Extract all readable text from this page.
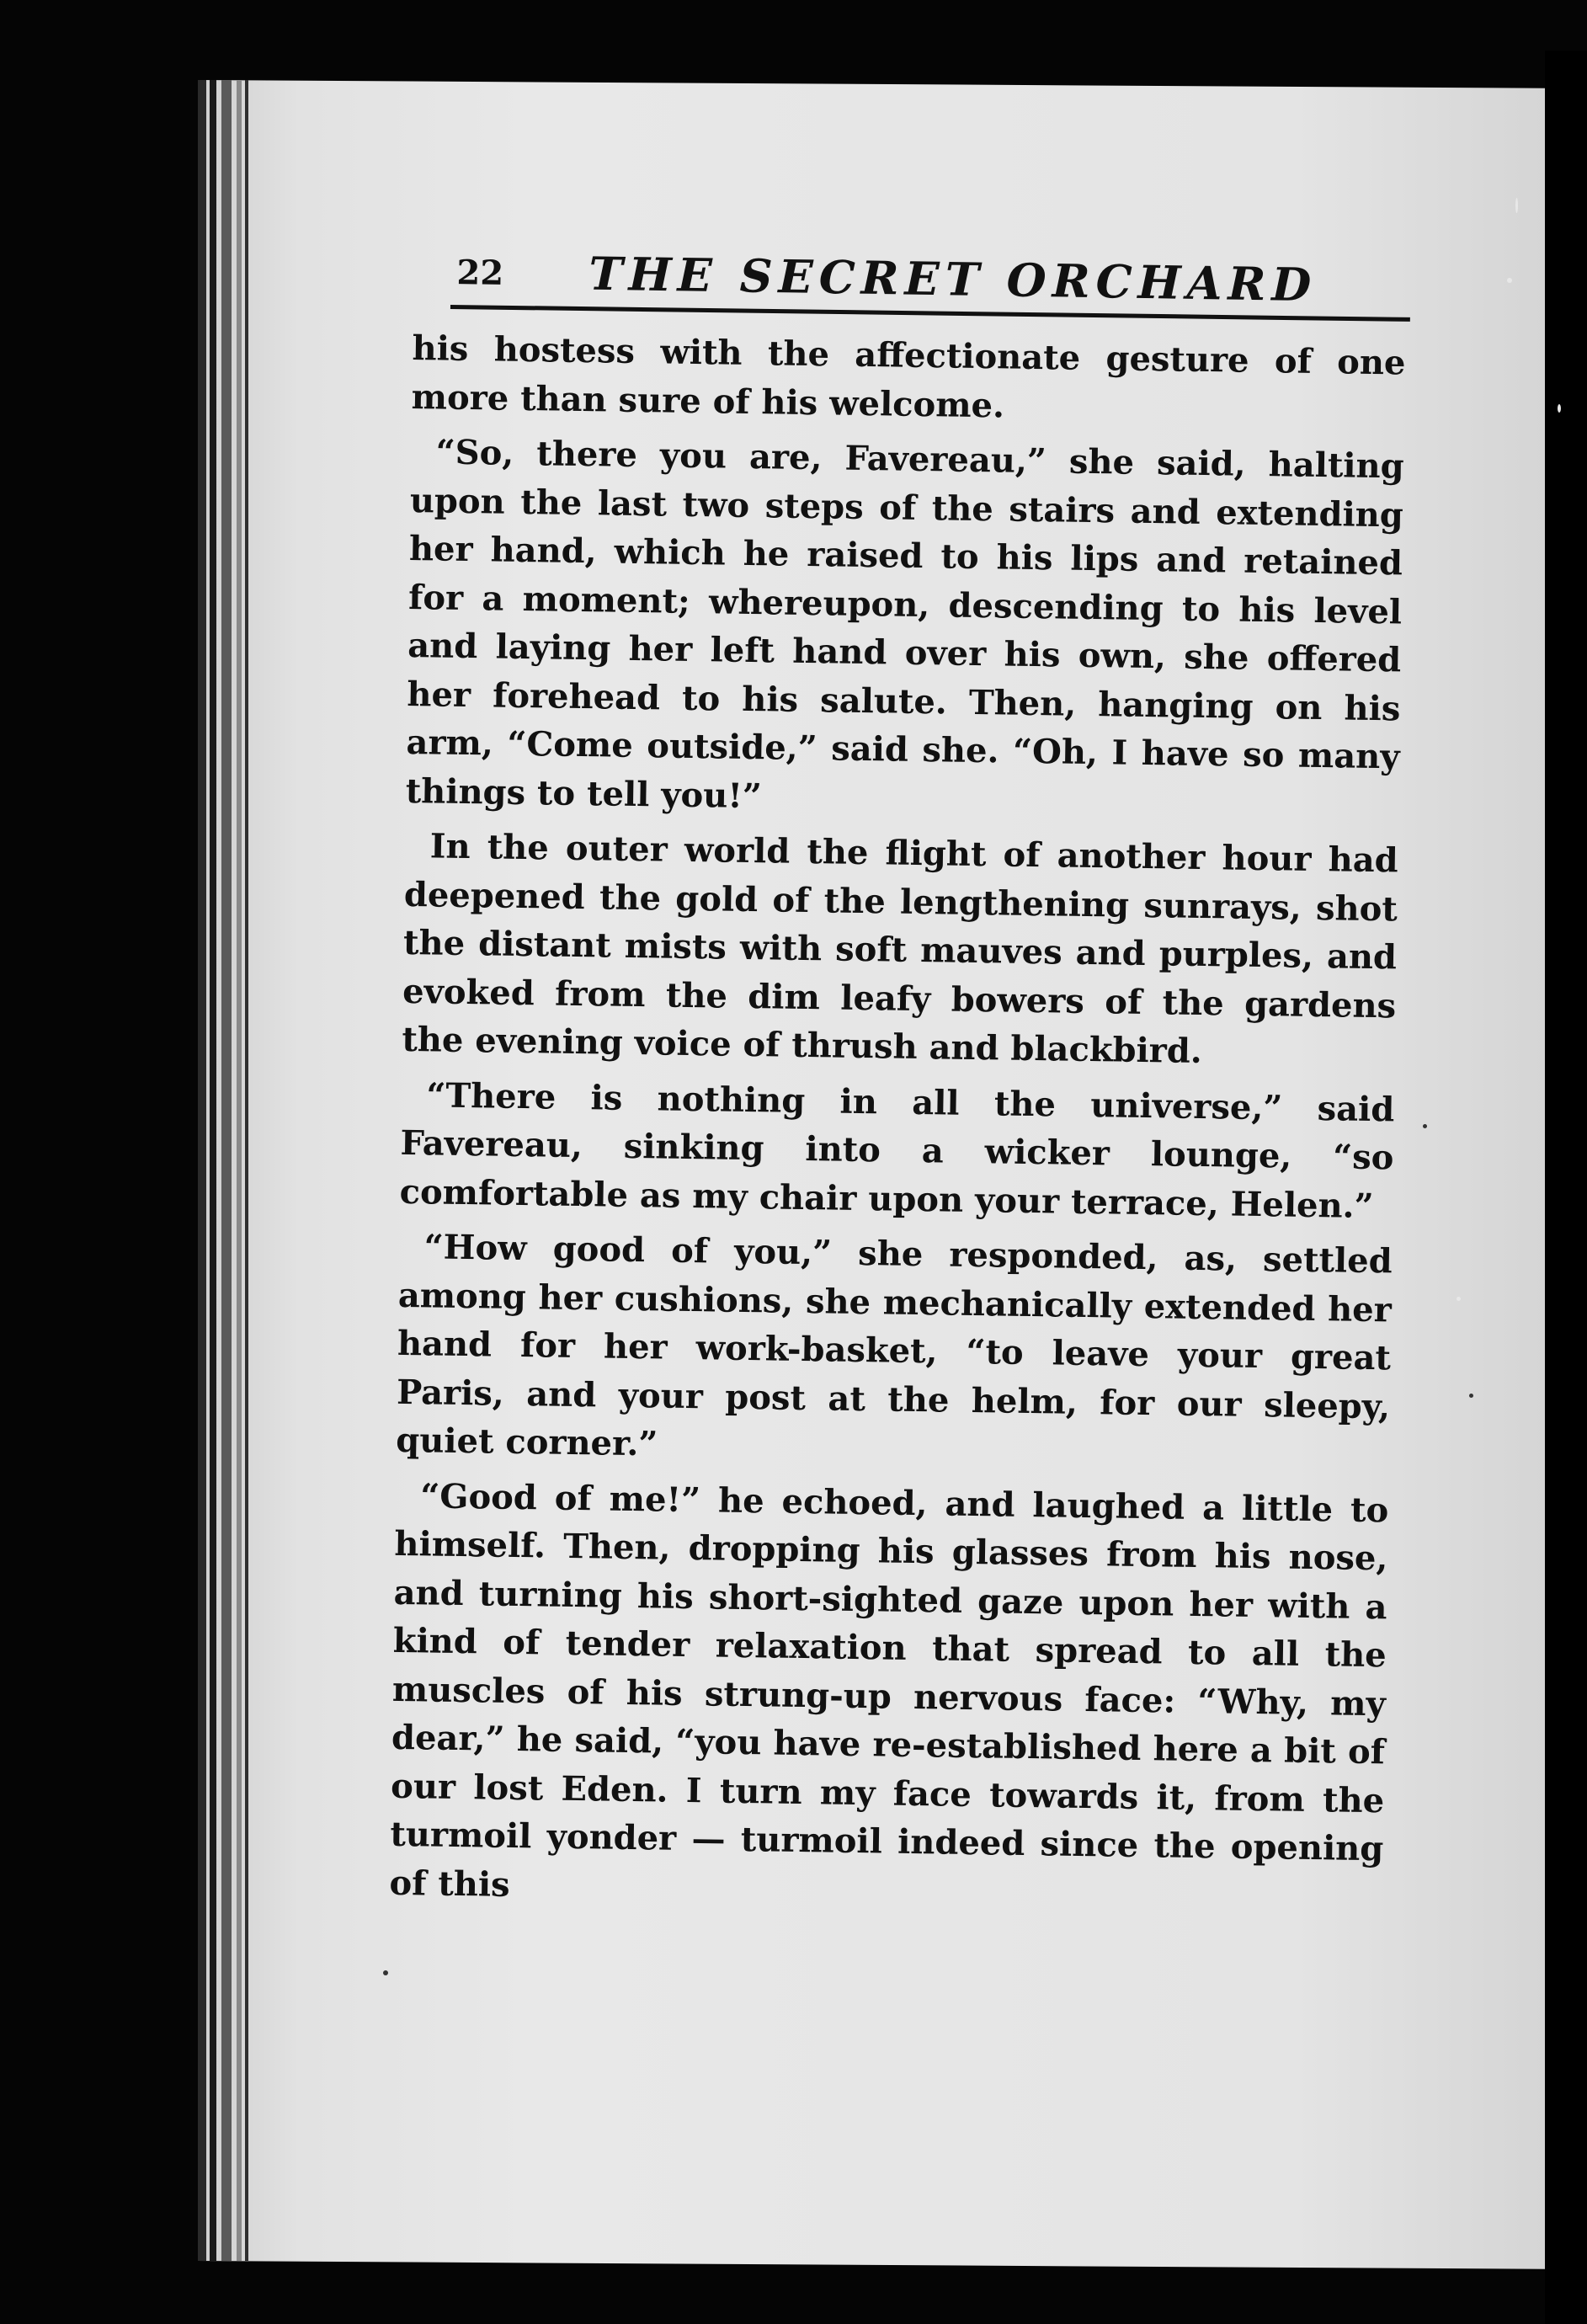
22 THE SECRET ORCHARD

his hostess with the affectionate gesture of one more than sure of his welcome.

“So, there you are, Favereau,” she said, halting upon the last two steps of the stairs and extending her hand, which he raised to his lips and retained for a moment; whereupon, descending to his level and laying her left hand over his own, she offered her forehead to his salute. Then, hanging on his arm, “Come outside,” said she. “Oh, I have so many things to tell you!”

In the outer world the flight of another hour had deepened the gold of the lengthening sunrays, shot the distant mists with soft mauves and purples, and evoked from the dim leafy bowers of the gardens the evening voice of thrush and blackbird.

“There is nothing in all the universe,” said Favereau, sinking into a wicker lounge, “so comfortable as my chair upon your terrace, Helen.”

“How good of you,” she responded, as, settled among her cushions, she mechanically extended her hand for her work-basket, “to leave your great Paris, and your post at the helm, for our sleepy, quiet corner.”

“Good of me!” he echoed, and laughed a little to himself. Then, dropping his glasses from his nose, and turning his short-sighted gaze upon her with a kind of tender relaxation that spread to all the muscles of his strung-up nervous face: “Why, my dear,” he said, “you have re-established here a bit of our lost Eden. I turn my face towards it, from the turmoil yonder — turmoil indeed since the opening of this
